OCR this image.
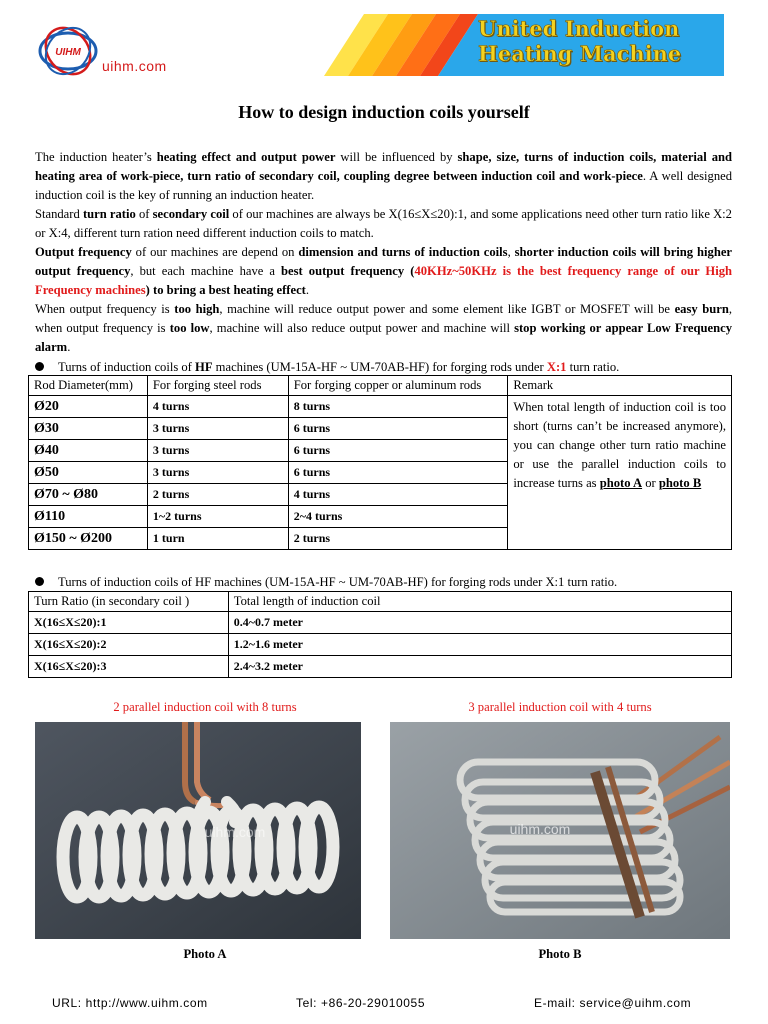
UIHM
uihm.com
United Induction
Heating Machine
How to design induction coils yourself

The induction heater’s heating effect and output power will be influenced by shape, size, turns of induction coils, material and heating area of work-piece, turn ratio of secondary coil, coupling degree between induction coil and work-piece. A well designed induction coil is the key of running an induction heater.

Standard turn ratio of secondary coil of our machines are always be X(16≤X≤20):1, and some applications need other turn ratio like X:2 or X:4, different turn ration need different induction coils to match.

Output frequency of our machines are depend on dimension and turns of induction coils, shorter induction coils will bring higher output frequency, but each machine have a best output frequency (40KHz~50KHz is the best frequency range of our High Frequency machines) to bring a best heating effect.

When output frequency is too high, machine will reduce output power and some element like IGBT or MOSFET will be easy burn, when output frequency is too low, machine will also reduce output power and machine will stop working or appear Low Frequency alarm.

Turns of induction coils of HF machines (UM-15A-HF ~ UM-70AB-HF) for forging rods under X:1 turn ratio.
Rod Diameter(mm)	For forging steel rods	For forging copper or aluminum rods	Remark
Ø20	4 turns	8 turns	When total length of induction coil is too short (turns can’t be increased anymore), you can change other turn ratio machine or use the parallel induction coils to increase turns as photo A or photo B
Ø30	3 turns	6 turns	
Ø40	3 turns	6 turns	
Ø50	3 turns	6 turns	
Ø70 ~ Ø80	2 turns	4 turns	
Ø110	1~2 turns	2~4 turns	
Ø150 ~ Ø200	1 turn	2 turns	
Turns of induction coils of HF machines (UM-15A-HF ~ UM-70AB-HF) for forging rods under X:1 turn ratio.
Turn Ratio (in secondary coil )	Total length of induction coil
X(16≤X≤20):1	0.4~0.7 meter
X(16≤X≤20):2	1.2~1.6 meter
X(16≤X≤20):3	2.4~3.2 meter
2 parallel induction coil with 8 turns	3 parallel induction coil with 4 turns
uihm.com	uihm.com
Photo A	Photo B
URL: http://www.uihm.com	Tel: +86-20-29010055	E-mail: service@uihm.com
